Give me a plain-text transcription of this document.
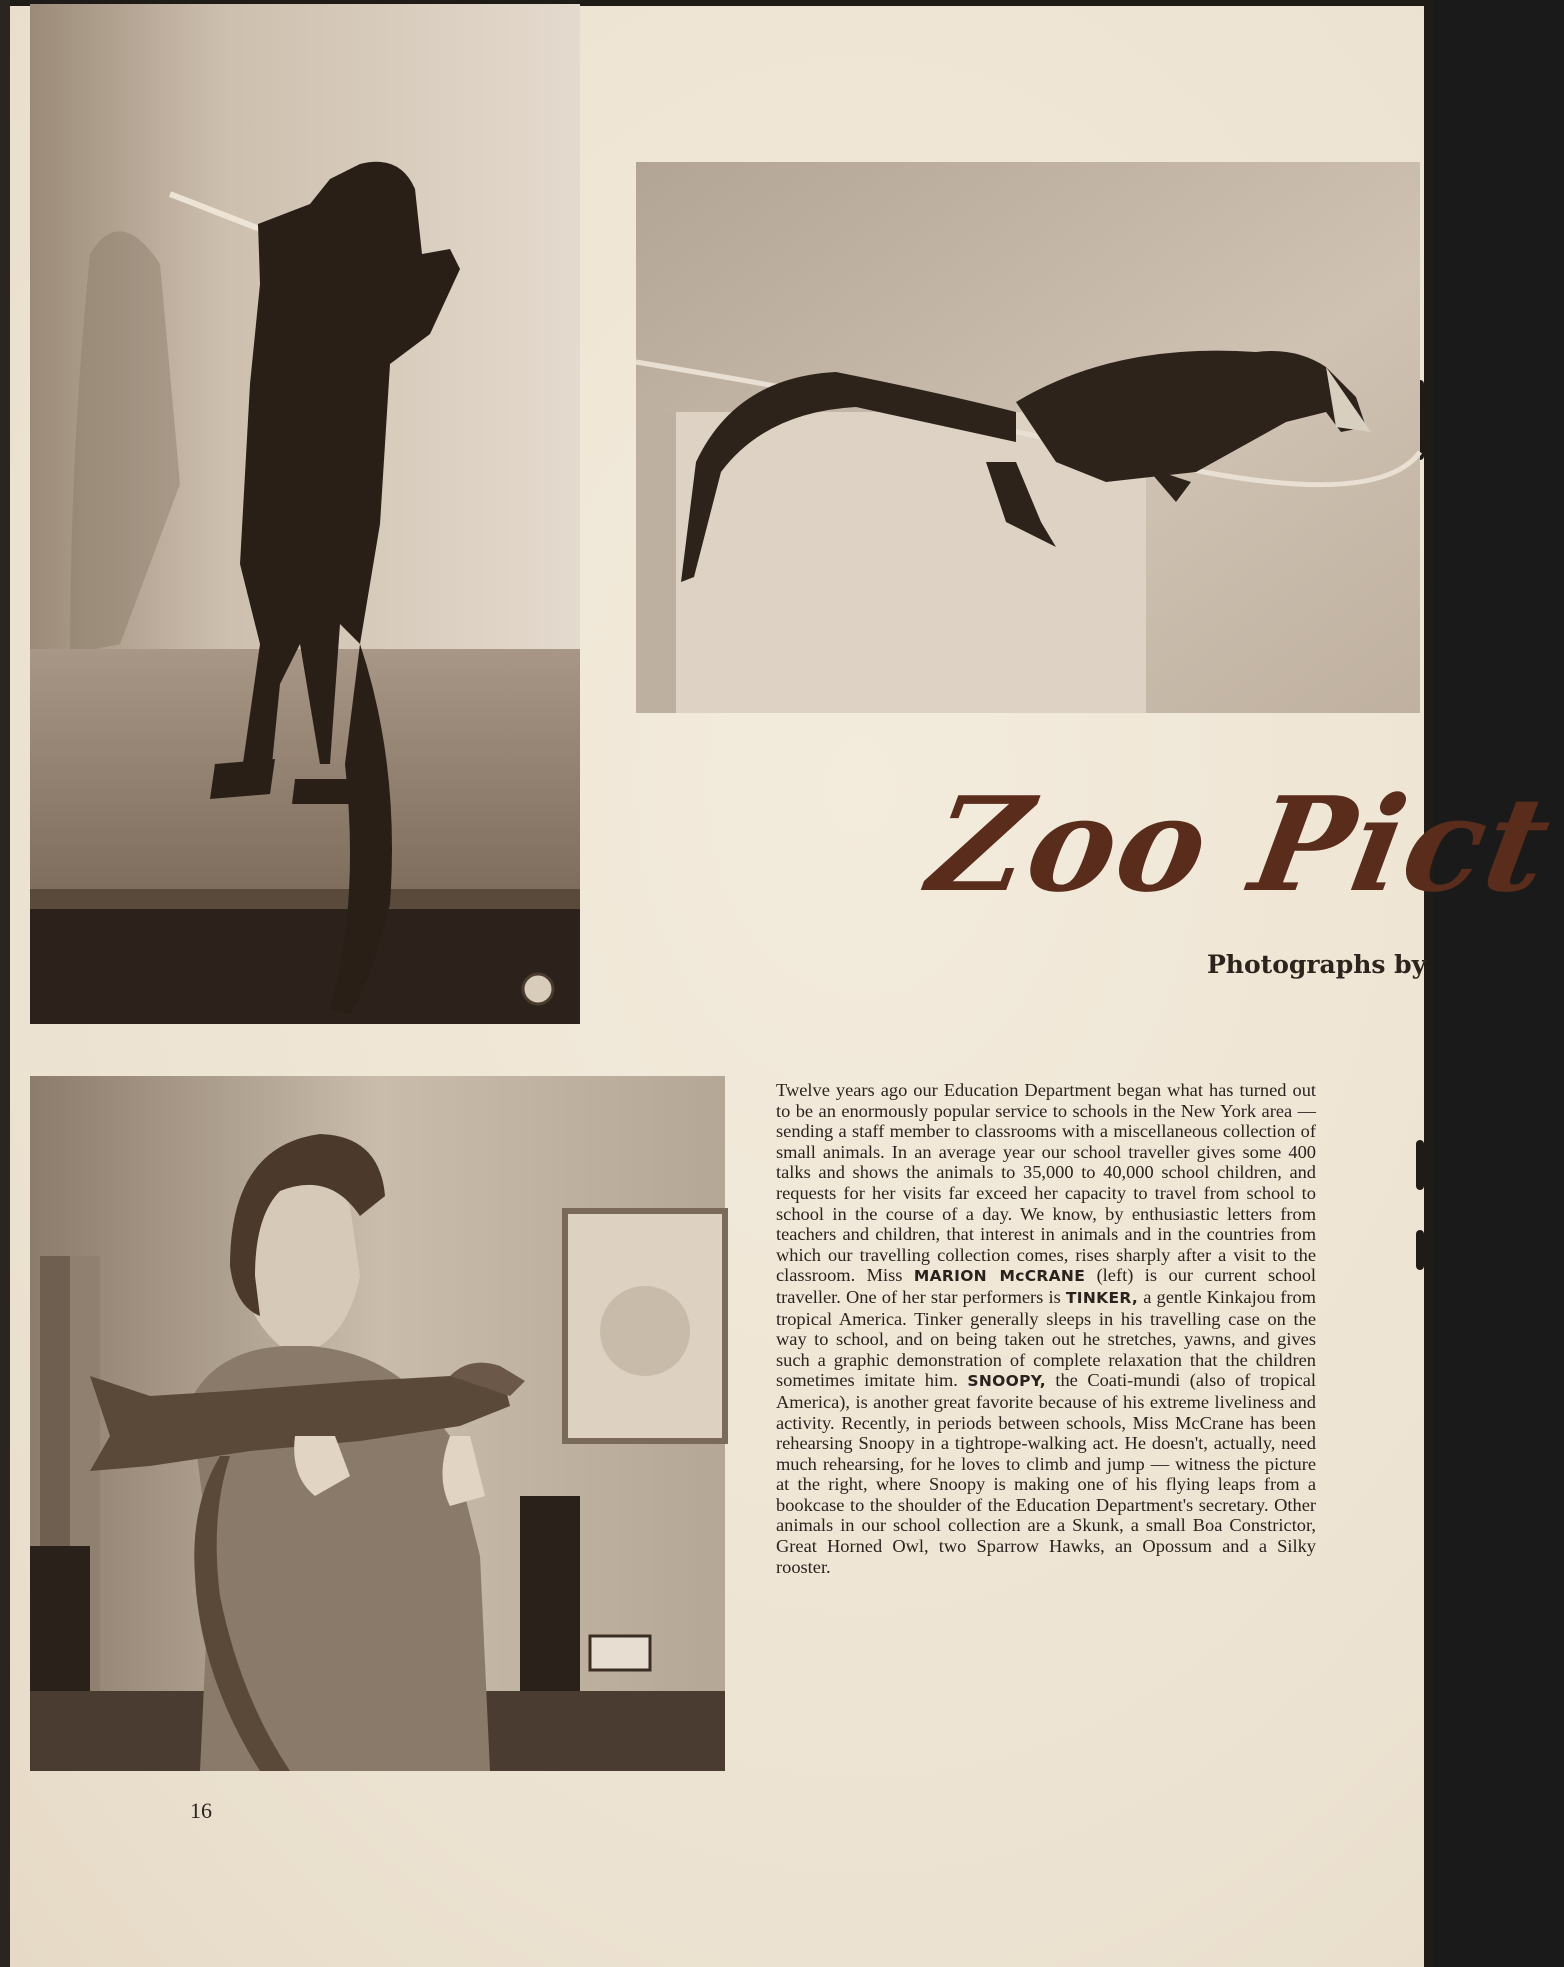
Zoo Pict
Photographs by
Twelve years ago our Education Department began what has turned out to be an enormously popular service to schools in the New York area — sending a staff member to classrooms with a miscellaneous collection of small animals. In an average year our school traveller gives some 400 talks and shows the animals to 35,000 to 40,000 school children, and requests for her visits far exceed her capacity to travel from school to school in the course of a day. We know, by enthusiastic letters from teachers and children, that interest in animals and in the countries from which our travelling collection comes, rises sharply after a visit to the classroom. Miss MARION McCRANE (left) is our current school traveller. One of her star performers is TINKER, a gentle Kinkajou from tropical America. Tinker generally sleeps in his travelling case on the way to school, and on being taken out he stretches, yawns, and gives such a graphic demonstration of complete relaxation that the children sometimes imitate him. SNOOPY, the Coati-mundi (also of tropical America), is another great favorite because of his extreme liveliness and activity. Recently, in periods between schools, Miss McCrane has been rehearsing Snoopy in a tightrope-walking act. He doesn't, actually, need much rehearsing, for he loves to climb and jump — witness the picture at the right, where Snoopy is making one of his flying leaps from a bookcase to the shoulder of the Education Department's secretary. Other animals in our school collection are a Skunk, a small Boa Constrictor, Great Horned Owl, two Sparrow Hawks, an Opossum and a Silky rooster.
16
